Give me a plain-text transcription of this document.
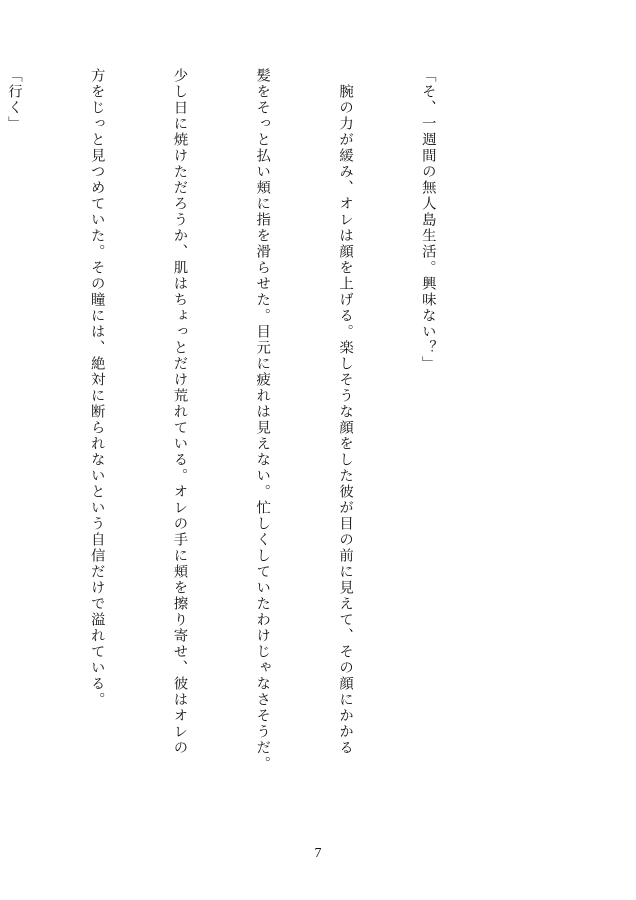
「そ、一週間の無人島生活。興味ない？」

　腕の力が緩み、オレは顔を上げる。楽しそうな顔をした彼が目の前に見えて、その顔にかかる

髪をそっと払い頬に指を滑らせた。目元に疲れは見えない。忙しくしていたわけじゃなさそうだ。

少し日に焼けただろうか、肌はちょっとだけ荒れている。オレの手に頬を擦り寄せ、彼はオレの

方をじっと見つめていた。その瞳には、絶対に断られないという自信だけで溢れている。

「行く」

7
